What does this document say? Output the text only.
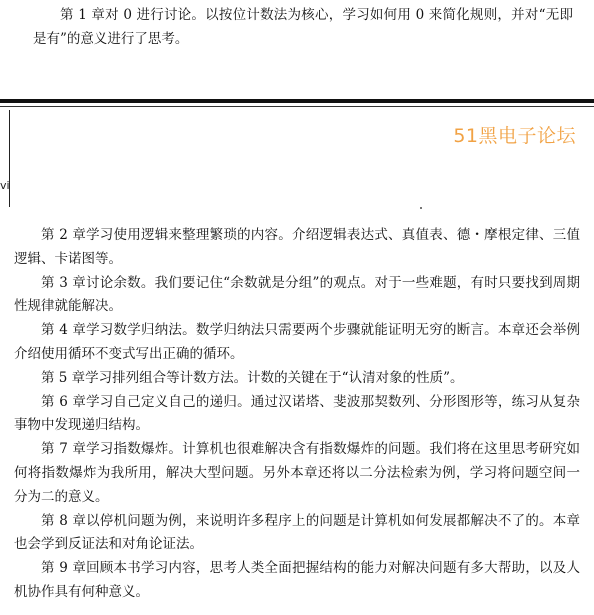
第 1 章对 0 进行讨论。以按位计数法为核心，学习如何用 0 来简化规则，并对“无即是有”的意义进行了思考。

vi
51黑电子论坛

第 2 章学习使用逻辑来整理繁琐的内容。介绍逻辑表达式、真值表、德・摩根定律、三值逻辑、卡诺图等。

第 3 章讨论余数。我们要记住“余数就是分组”的观点。对于一些难题，有时只要找到周期性规律就能解决。

第 4 章学习数学归纳法。数学归纳法只需要两个步骤就能证明无穷的断言。本章还会举例介绍使用循环不变式写出正确的循环。

第 5 章学习排列组合等计数方法。计数的关键在于“认清对象的性质”。

第 6 章学习自己定义自己的递归。通过汉诺塔、斐波那契数列、分形图形等，练习从复杂事物中发现递归结构。

第 7 章学习指数爆炸。计算机也很难解决含有指数爆炸的问题。我们将在这里思考研究如何将指数爆炸为我所用，解决大型问题。另外本章还将以二分法检索为例，学习将问题空间一分为二的意义。

第 8 章以停机问题为例，来说明许多程序上的问题是计算机如何发展都解决不了的。本章也会学到反证法和对角论证法。

第 9 章回顾本书学习内容，思考人类全面把握结构的能力对解决问题有多大帮助，以及人机协作具有何种意义。
